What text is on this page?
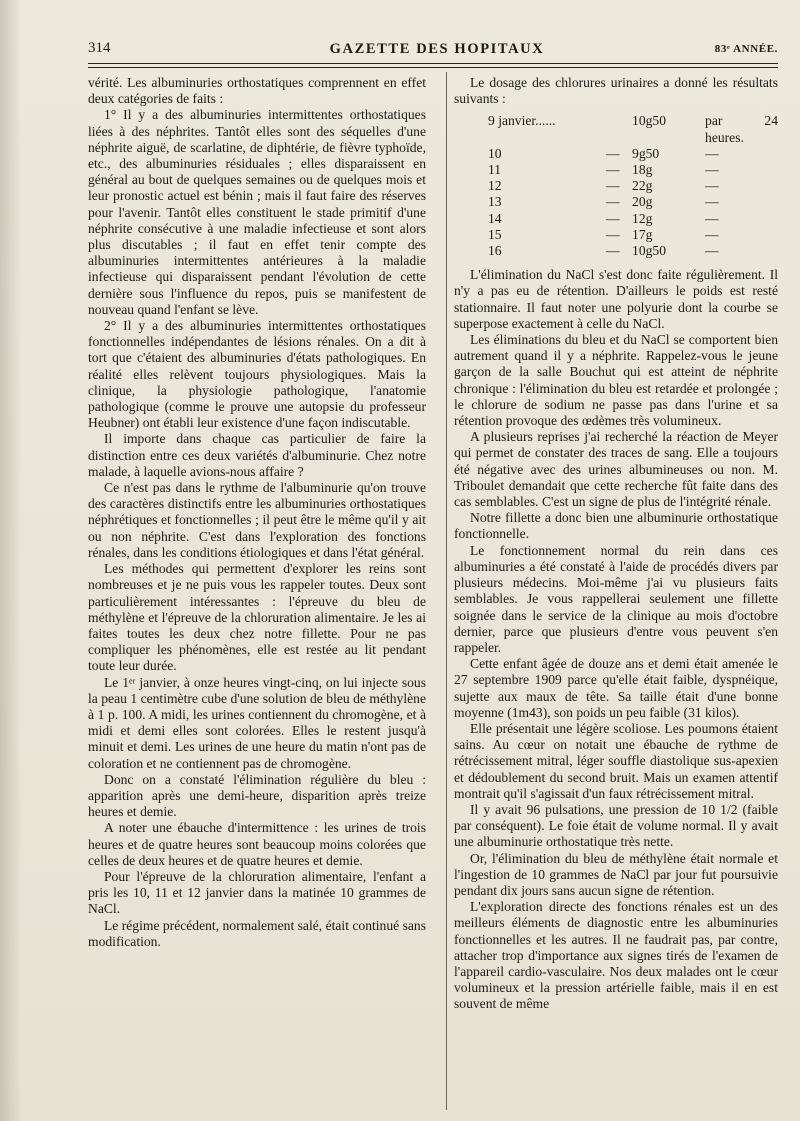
314	GAZETTE DES HOPITAUX	83ᵉ ANNÉE.

vérité. Les albuminuries orthostatiques comprennent en effet deux catégories de faits :

1° Il y a des albuminuries intermittentes orthostatiques liées à des néphrites. Tantôt elles sont des séquelles d'une néphrite aiguë, de scarlatine, de diphtérie, de fièvre typhoïde, etc., des albuminuries résiduales ; elles disparaissent en général au bout de quelques semaines ou de quelques mois et leur pronostic actuel est bénin ; mais il faut faire des réserves pour l'avenir. Tantôt elles constituent le stade primitif d'une néphrite consécutive à une maladie infectieuse et sont alors plus discutables ; il faut en effet tenir compte des albuminuries intermittentes antérieures à la maladie infectieuse qui disparaissent pendant l'évolution de cette dernière sous l'influence du repos, puis se manifestent de nouveau quand l'enfant se lève.

2° Il y a des albuminuries intermittentes orthostatiques fonctionnelles indépendantes de lésions rénales. On a dit à tort que c'étaient des albuminuries d'états pathologiques. En réalité elles relèvent toujours physiologiques. Mais la clinique, la physiologie pathologique, l'anatomie pathologique (comme le prouve une autopsie du professeur Heubner) ont établi leur existence d'une façon indiscutable.

Il importe dans chaque cas particulier de faire la distinction entre ces deux variétés d'albuminurie. Chez notre malade, à laquelle avions-nous affaire ?

Ce n'est pas dans le rythme de l'albuminurie qu'on trouve des caractères distinctifs entre les albuminuries orthostatiques néphrétiques et fonctionnelles ; il peut être le même qu'il y ait ou non néphrite. C'est dans l'exploration des fonctions rénales, dans les conditions étiologiques et dans l'état général.

Les méthodes qui permettent d'explorer les reins sont nombreuses et je ne puis vous les rappeler toutes. Deux sont particulièrement intéressantes : l'épreuve du bleu de méthylène et l'épreuve de la chloruration alimentaire. Je les ai faites toutes les deux chez notre fillette. Pour ne pas compliquer les phénomènes, elle est restée au lit pendant toute leur durée.

Le 1ᵉʳ janvier, à onze heures vingt-cinq, on lui injecte sous la peau 1 centimètre cube d'une solution de bleu de méthylène à 1 p. 100. A midi, les urines contiennent du chromogène, et à midi et demi elles sont colorées. Elles le restent jusqu'à minuit et demi. Les urines de une heure du matin n'ont pas de coloration et ne contiennent pas de chromogène.

Donc on a constaté l'élimination régulière du bleu : apparition après une demi-heure, disparition après treize heures et demie.

A noter une ébauche d'intermittence : les urines de trois heures et de quatre heures sont beaucoup moins colorées que celles de deux heures et de quatre heures et demie.

Pour l'épreuve de la chloruration alimentaire, l'enfant a pris les 10, 11 et 12 janvier dans la matinée 10 grammes de NaCl.

Le régime précédent, normalement salé, était continué sans modification.

Le dosage des chlorures urinaires a donné les résultats suivants :

9 janvier......	10g50	par 24 heures.
10	— 9g50	—
11	— 18g	—
12	— 22g	—
13	— 20g	—
14	— 12g	—
15	— 17g	—
16	— 10g50	—

L'élimination du NaCl s'est donc faite régulièrement. Il n'y a pas eu de rétention. D'ailleurs le poids est resté stationnaire. Il faut noter une polyurie dont la courbe se superpose exactement à celle du NaCl.

Les éliminations du bleu et du NaCl se comportent bien autrement quand il y a néphrite. Rappelez-vous le jeune garçon de la salle Bouchut qui est atteint de néphrite chronique : l'élimination du bleu est retardée et prolongée ; le chlorure de sodium ne passe pas dans l'urine et sa rétention provoque des œdèmes très volumineux.

A plusieurs reprises j'ai recherché la réaction de Meyer qui permet de constater des traces de sang. Elle a toujours été négative avec des urines albumineuses ou non. M. Triboulet demandait que cette recherche fût faite dans des cas semblables. C'est un signe de plus de l'intégrité rénale.

Notre fillette a donc bien une albuminurie orthostatique fonctionnelle.

Le fonctionnement normal du rein dans ces albuminuries a été constaté à l'aide de procédés divers par plusieurs médecins. Moi-même j'ai vu plusieurs faits semblables. Je vous rappellerai seulement une fillette soignée dans le service de la clinique au mois d'octobre dernier, parce que plusieurs d'entre vous peuvent s'en rappeler.

Cette enfant âgée de douze ans et demi était amenée le 27 septembre 1909 parce qu'elle était faible, dyspnéique, sujette aux maux de tête. Sa taille était d'une bonne moyenne (1m43), son poids un peu faible (31 kilos).

Elle présentait une légère scoliose. Les poumons étaient sains. Au cœur on notait une ébauche de rythme de rétrécissement mitral, léger souffle diastolique sus-apexien et dédoublement du second bruit. Mais un examen attentif montrait qu'il s'agissait d'un faux rétrécissement mitral.

Il y avait 96 pulsations, une pression de 10 1/2 (faible par conséquent). Le foie était de volume normal. Il y avait une albuminurie orthostatique très nette.

Or, l'élimination du bleu de méthylène était normale et l'ingestion de 10 grammes de NaCl par jour fut poursuivie pendant dix jours sans aucun signe de rétention.

L'exploration directe des fonctions rénales est un des meilleurs éléments de diagnostic entre les albuminuries fonctionnelles et les autres. Il ne faudrait pas, par contre, attacher trop d'importance aux signes tirés de l'examen de l'appareil cardio-vasculaire. Nos deux malades ont le cœur volumineux et la pression artérielle faible, mais il en est souvent de même
